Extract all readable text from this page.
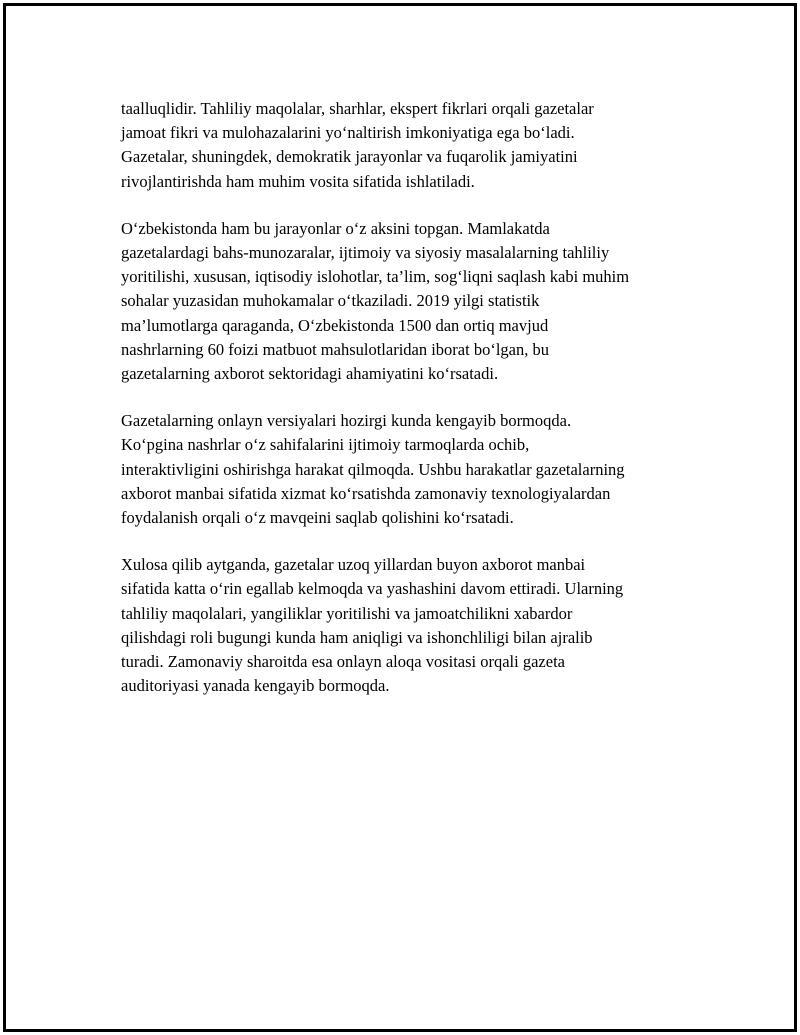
taalluqlidir. Tahliliy maqolalar, sharhlar, ekspert fikrlari orqali gazetalar
jamoat fikri va mulohazalarini yo‘naltirish imkoniyatiga ega bo‘ladi.
Gazetalar, shuningdek, demokratik jarayonlar va fuqarolik jamiyatini
rivojlantirishda ham muhim vosita sifatida ishlatiladi.

O‘zbekistonda ham bu jarayonlar o‘z aksini topgan. Mamlakatda
gazetalardagi bahs-munozaralar, ijtimoiy va siyosiy masalalarning tahliliy
yoritilishi, xususan, iqtisodiy islohotlar, ta’lim, sog‘liqni saqlash kabi muhim
sohalar yuzasidan muhokamalar o‘tkaziladi. 2019 yilgi statistik
ma’lumotlarga qaraganda, O‘zbekistonda 1500 dan ortiq mavjud
nashrlarning 60 foizi matbuot mahsulotlaridan iborat bo‘lgan, bu
gazetalarning axborot sektoridagi ahamiyatini ko‘rsatadi.

Gazetalarning onlayn versiyalari hozirgi kunda kengayib bormoqda.
Ko‘pgina nashrlar o‘z sahifalarini ijtimoiy tarmoqlarda ochib,
interaktivligini oshirishga harakat qilmoqda. Ushbu harakatlar gazetalarning
axborot manbai sifatida xizmat ko‘rsatishda zamonaviy texnologiyalardan
foydalanish orqali o‘z mavqeini saqlab qolishini ko‘rsatadi.

Xulosa qilib aytganda, gazetalar uzoq yillardan buyon axborot manbai
sifatida katta o‘rin egallab kelmoqda va yashashini davom ettiradi. Ularning
tahliliy maqolalari, yangiliklar yoritilishi va jamoatchilikni xabardor
qilishdagi roli bugungi kunda ham aniqligi va ishonchliligi bilan ajralib
turadi. Zamonaviy sharoitda esa onlayn aloqa vositasi orqali gazeta
auditoriyasi yanada kengayib bormoqda.
